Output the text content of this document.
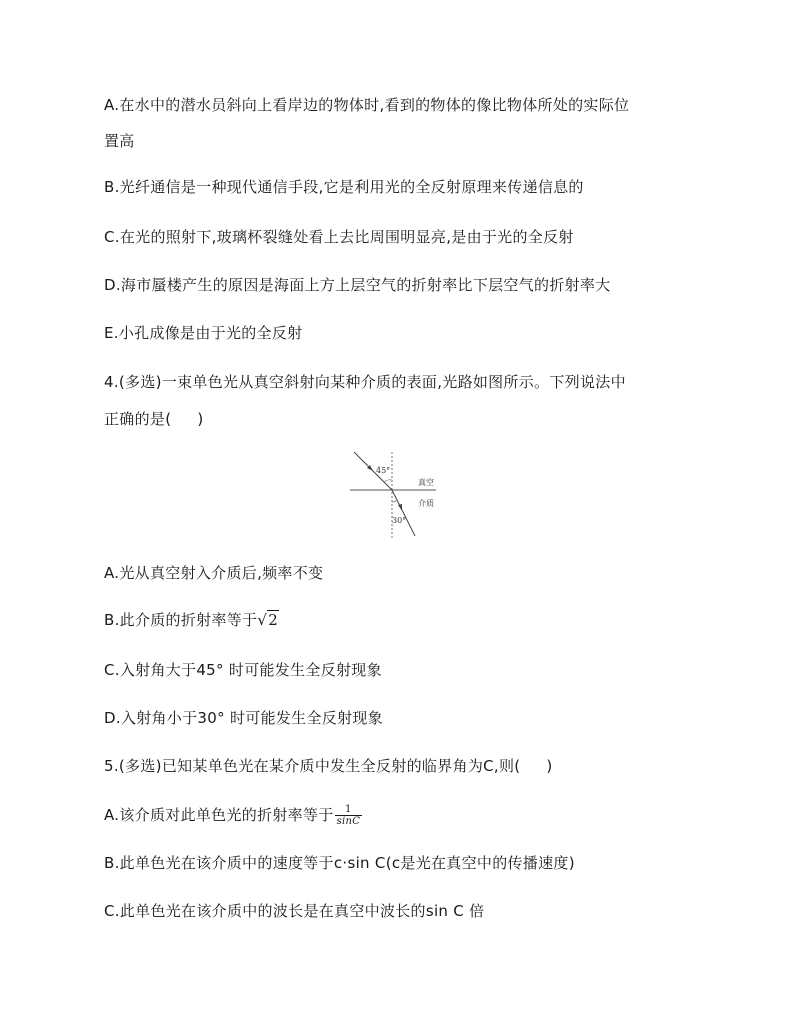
A.在水中的潜水员斜向上看岸边的物体时,看到的物体的像比物体所处的实际位
置高
B.光纤通信是一种现代通信手段,它是利用光的全反射原理来传递信息的
C.在光的照射下,玻璃杯裂缝处看上去比周围明显亮,是由于光的全反射
D.海市蜃楼产生的原因是海面上方上层空气的折射率比下层空气的折射率大
E.小孔成像是由于光的全反射
4.(多选)一束单色光从真空斜射向某种介质的表面,光路如图所示。下列说法中
正确的是( )
45°
30°
真空
介质
A.光从真空射入介质后,频率不变
B.此介质的折射率等于√2
C.入射角大于45° 时可能发生全反射现象
D.入射角小于30° 时可能发生全反射现象
5.(多选)已知某单色光在某介质中发生全反射的临界角为C,则( )
A.该介质对此单色光的折射率等于 $\frac{1}{\sin C}$
B.此单色光在该介质中的速度等于c·sin C(c是光在真空中的传播速度)
C.此单色光在该介质中的波长是在真空中波长的sin C 倍
